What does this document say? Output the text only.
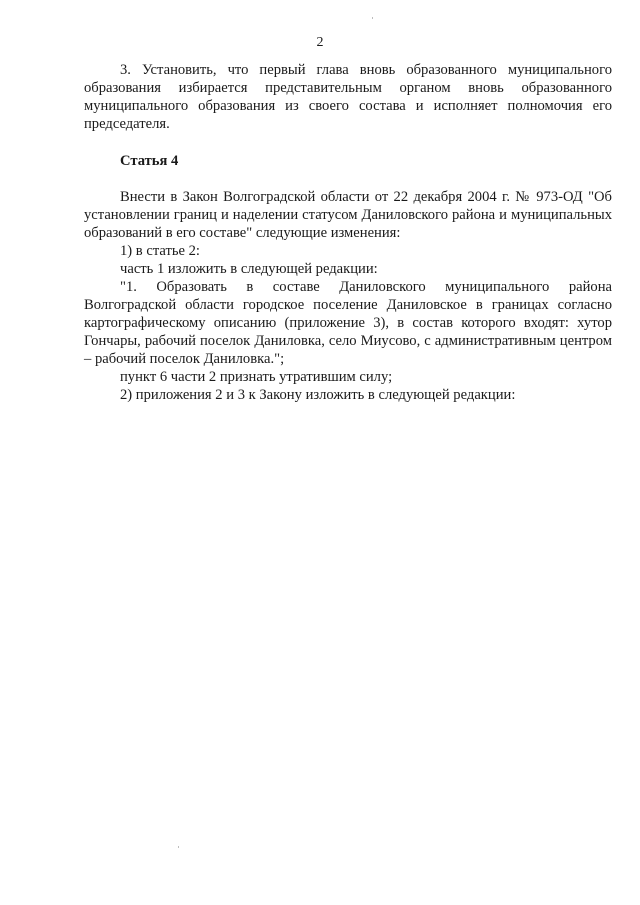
2

3. Установить, что первый глава вновь образованного муниципального образования избирается представительным органом вновь образованного муниципального образования из своего состава и исполняет полномочия его председателя.

Статья 4

Внести в Закон Волгоградской области от 22 декабря 2004 г. № 973-ОД "Об установлении границ и наделении статусом Даниловского района и муниципальных образований в его составе" следующие изменения:

1) в статье 2:

часть 1 изложить в следующей редакции:

"1. Образовать в составе Даниловского муниципального района Волгоградской области городское поселение Даниловское в границах согласно картографическому описанию (приложение 3), в состав которого входят: хутор Гончары, рабочий поселок Даниловка, село Миусово, с административным центром – рабочий поселок Даниловка.";

пункт 6 части 2 признать утратившим силу;

2) приложения 2 и 3 к Закону изложить в следующей редакции:
